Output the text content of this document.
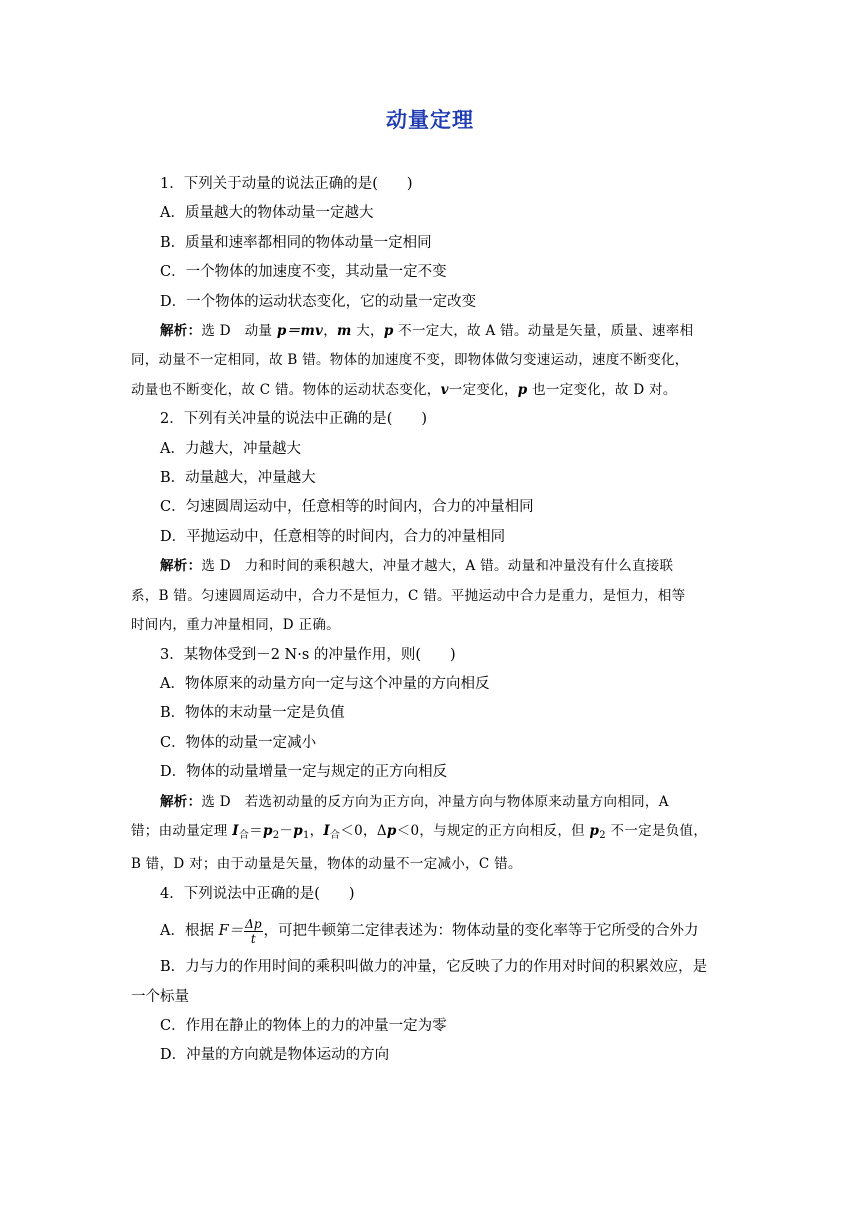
动量定理
1．下列关于动量的说法正确的是(　　)
A．质量越大的物体动量一定越大
B．质量和速率都相同的物体动量一定相同
C．一个物体的加速度不变，其动量一定不变
D．一个物体的运动状态变化，它的动量一定改变
解析：选 D　动量 p＝mv，m 大，p 不一定大，故 A 错。动量是矢量，质量、速率相
同，动量不一定相同，故 B 错。物体的加速度不变，即物体做匀变速运动，速度不断变化，
动量也不断变化，故 C 错。物体的运动状态变化，v一定变化，p 也一定变化，故 D 对。
2．下列有关冲量的说法中正确的是(　　)
A．力越大，冲量越大
B．动量越大，冲量越大
C．匀速圆周运动中，任意相等的时间内，合力的冲量相同
D．平抛运动中，任意相等的时间内，合力的冲量相同
解析：选 D　力和时间的乘积越大，冲量才越大，A 错。动量和冲量没有什么直接联
系，B 错。匀速圆周运动中，合力不是恒力，C 错。平抛运动中合力是重力，是恒力，相等
时间内，重力冲量相同，D 正确。
3．某物体受到－2 N·s 的冲量作用，则(　　)
A．物体原来的动量方向一定与这个冲量的方向相反
B．物体的末动量一定是负值
C．物体的动量一定减小
D．物体的动量增量一定与规定的正方向相反
解析：选 D　若选初动量的反方向为正方向，冲量方向与物体原来动量方向相同，A
错；由动量定理 $I_合=p_2-p_1$，$I_合<0$，Δp＜0，与规定的正方向相反，但 $p_2$ 不一定是负值，
B 错，D 对；由于动量是矢量，物体的动量不一定减小，C 错。
4．下列说法中正确的是(　　)
A．根据 $F= \frac{\Delta p}{t}$ ，可把牛顿第二定律表述为：物体动量的变化率等于它所受的合外力
B．力与力的作用时间的乘积叫做力的冲量，它反映了力的作用对时间的积累效应，是
一个标量
C．作用在静止的物体上的力的冲量一定为零
D．冲量的方向就是物体运动的方向
